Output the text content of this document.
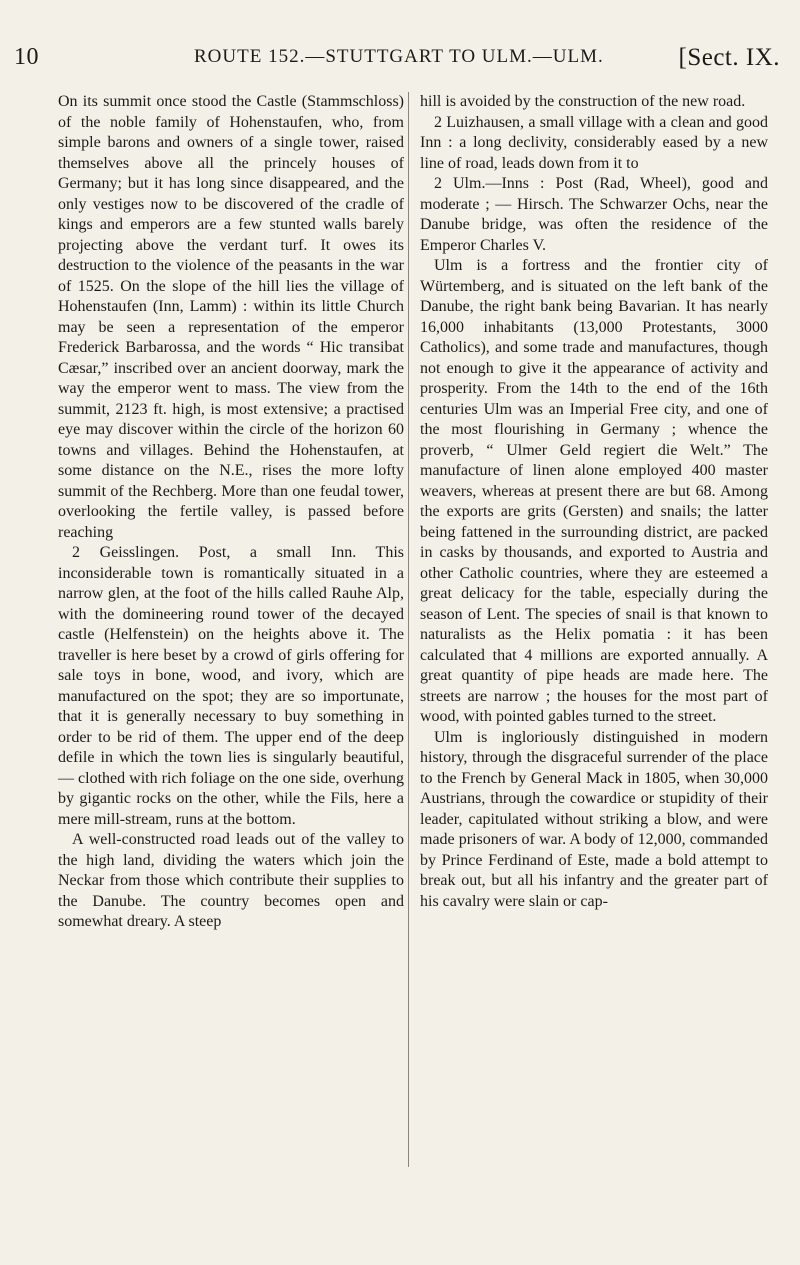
10	ROUTE 152.—STUTTGART TO ULM.—ULM.	[Sect. IX.

On its summit once stood the Castle (Stammschloss) of the noble family of Hohenstaufen, who, from simple barons and owners of a single tower, raised themselves above all the princely houses of Germany; but it has long since disappeared, and the only vestiges now to be discovered of the cradle of kings and emperors are a few stunted walls barely projecting above the verdant turf. It owes its destruction to the violence of the peasants in the war of 1525. On the slope of the hill lies the village of Hohenstaufen (Inn, Lamm) : within its little Church may be seen a representation of the emperor Frederick Barbarossa, and the words “ Hic transibat Cæsar,” inscribed over an ancient doorway, mark the way the emperor went to mass. The view from the summit, 2123 ft. high, is most extensive; a practised eye may discover within the circle of the horizon 60 towns and villages. Behind the Hohenstaufen, at some distance on the N.E., rises the more lofty summit of the Rechberg. More than one feudal tower, overlooking the fertile valley, is passed before reaching

2 Geisslingen. Post, a small Inn. This inconsiderable town is romantically situated in a narrow glen, at the foot of the hills called Rauhe Alp, with the domineering round tower of the decayed castle (Helfenstein) on the heights above it. The traveller is here beset by a crowd of girls offering for sale toys in bone, wood, and ivory, which are manufactured on the spot; they are so importunate, that it is generally necessary to buy something in order to be rid of them. The upper end of the deep defile in which the town lies is singularly beautiful, — clothed with rich foliage on the one side, overhung by gigantic rocks on the other, while the Fils, here a mere mill-stream, runs at the bottom.

A well-constructed road leads out of the valley to the high land, dividing the waters which join the Neckar from those which contribute their supplies to the Danube. The country becomes open and somewhat dreary. A steep

hill is avoided by the construction of the new road.

2 Luizhausen, a small village with a clean and good Inn : a long declivity, considerably eased by a new line of road, leads down from it to

2 Ulm.—Inns : Post (Rad, Wheel), good and moderate ; — Hirsch. The Schwarzer Ochs, near the Danube bridge, was often the residence of the Emperor Charles V.

Ulm is a fortress and the frontier city of Würtemberg, and is situated on the left bank of the Danube, the right bank being Bavarian. It has nearly 16,000 inhabitants (13,000 Protestants, 3000 Catholics), and some trade and manufactures, though not enough to give it the appearance of activity and prosperity. From the 14th to the end of the 16th centuries Ulm was an Imperial Free city, and one of the most flourishing in Germany ; whence the proverb, “ Ulmer Geld regiert die Welt.” The manufacture of linen alone employed 400 master weavers, whereas at present there are but 68. Among the exports are grits (Gersten) and snails; the latter being fattened in the surrounding district, are packed in casks by thousands, and exported to Austria and other Catholic countries, where they are esteemed a great delicacy for the table, especially during the season of Lent. The species of snail is that known to naturalists as the Helix pomatia : it has been calculated that 4 millions are exported annually. A great quantity of pipe heads are made here. The streets are narrow ; the houses for the most part of wood, with pointed gables turned to the street.

Ulm is ingloriously distinguished in modern history, through the disgraceful surrender of the place to the French by General Mack in 1805, when 30,000 Austrians, through the cowardice or stupidity of their leader, capitulated without striking a blow, and were made prisoners of war. A body of 12,000, commanded by Prince Ferdinand of Este, made a bold attempt to break out, but all his infantry and the greater part of his cavalry were slain or cap-
